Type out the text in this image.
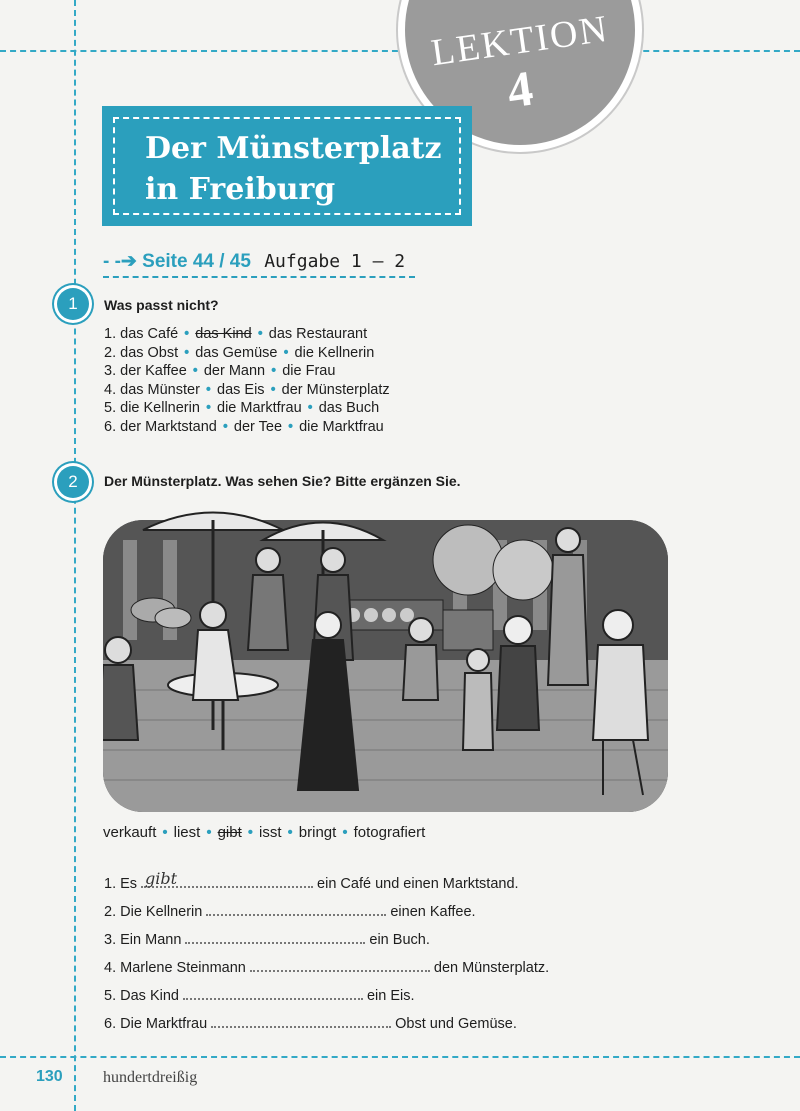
LEKTION
4
Der Münsterplatz
in Freiburg
- -➔ Seite 44 / 45 Aufgabe 1 – 2
1	Was passt nicht?
1. das Café • das Kind • das Restaurant
2. das Obst • das Gemüse • die Kellnerin
3. der Kaffee • der Mann • die Frau
4. das Münster • das Eis • der Münsterplatz
5. die Kellnerin • die Marktfrau • das Buch
6. der Marktstand • der Tee • die Marktfrau
2	Der Münsterplatz. Was sehen Sie? Bitte ergänzen Sie.
verkauft • liest • gibt • isst • bringt • fotografiert
1. Es gibt	ein Café und einen Marktstand.
2. Die Kellnerin	einen Kaffee.
3. Ein Mann	ein Buch.
4. Marlene Steinmann	den Münsterplatz.
5. Das Kind	ein Eis.
6. Die Marktfrau	Obst und Gemüse.
130	hundertdreißig
